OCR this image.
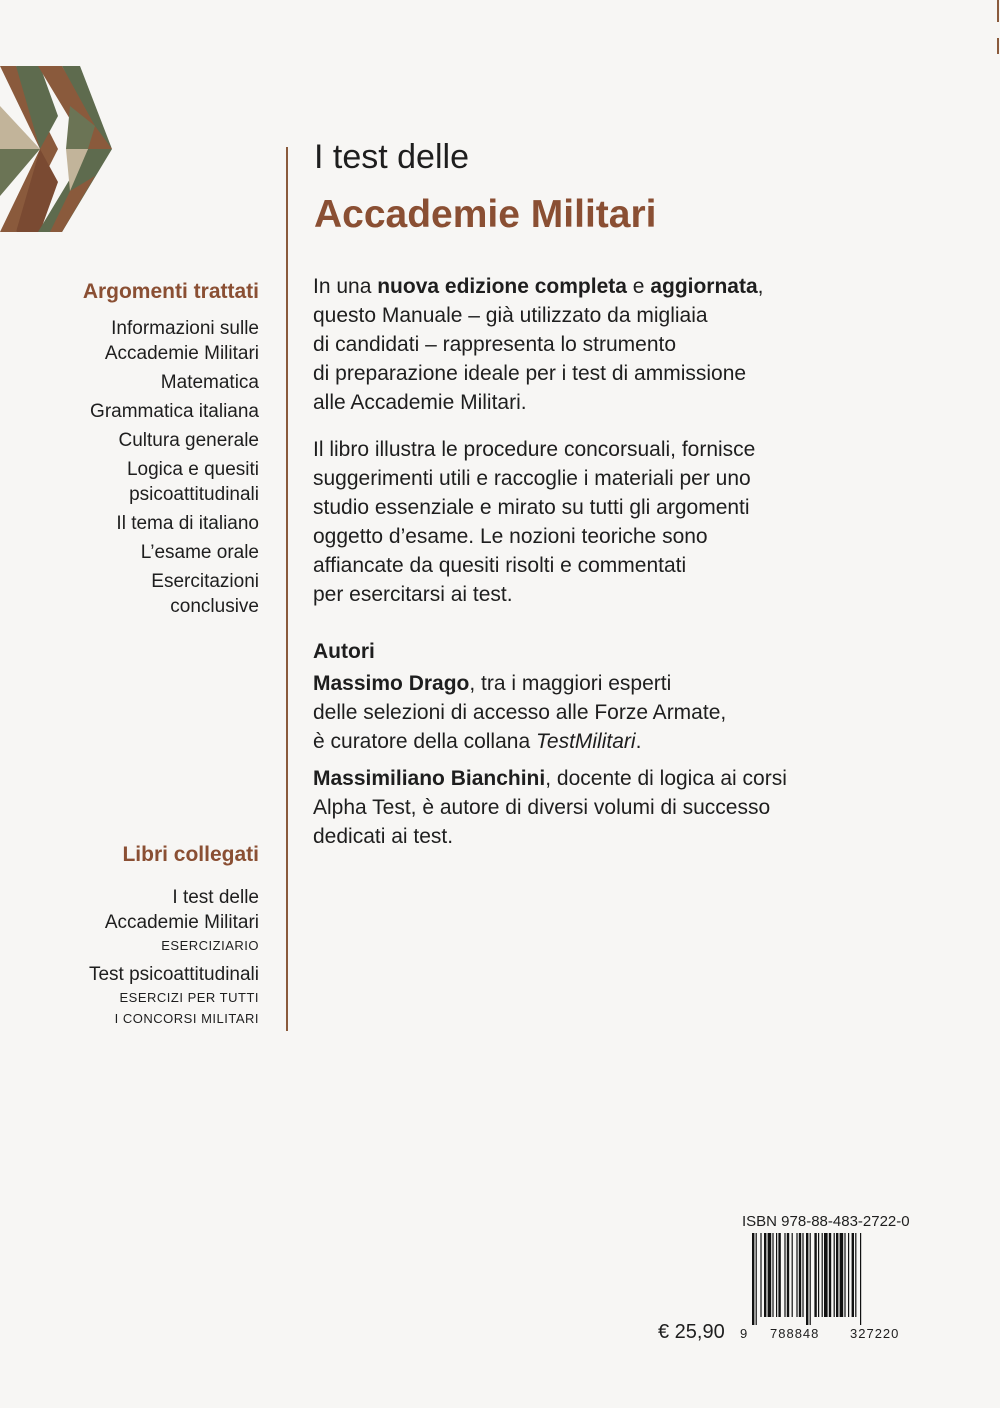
Argomenti trattati
Informazioni sulle
Accademie Militari
Matematica
Grammatica italiana
Cultura generale
Logica e quesiti
psicoattitudinali
Il tema di italiano
L’esame orale
Esercitazioni
conclusive
Libri collegati
I test delle
Accademie Militari
ESERCIZIARIO
Test psicoattitudinali
ESERCIZI PER TUTTI
I CONCORSI MILITARI
I test delle
Accademie Militari
In una nuova edizione completa e aggiornata,
questo Manuale – già utilizzato da migliaia
di candidati – rappresenta lo strumento
di preparazione ideale per i test di ammissione
alle Accademie Militari.
Il libro illustra le procedure concorsuali, fornisce
suggerimenti utili e raccoglie i materiali per uno
studio essenziale e mirato su tutti gli argomenti
oggetto d’esame. Le nozioni teoriche sono
affiancate da quesiti risolti e commentati
per esercitarsi ai test.
Autori
Massimo Drago, tra i maggiori esperti
delle selezioni di accesso alle Forze Armate,
è curatore della collana TestMilitari.
Massimiliano Bianchini, docente di logica ai corsi
Alpha Test, è autore di diversi volumi di successo
dedicati ai test.
ISBN 978-88-483-2722-0
9 788848 327220
€ 25,90
